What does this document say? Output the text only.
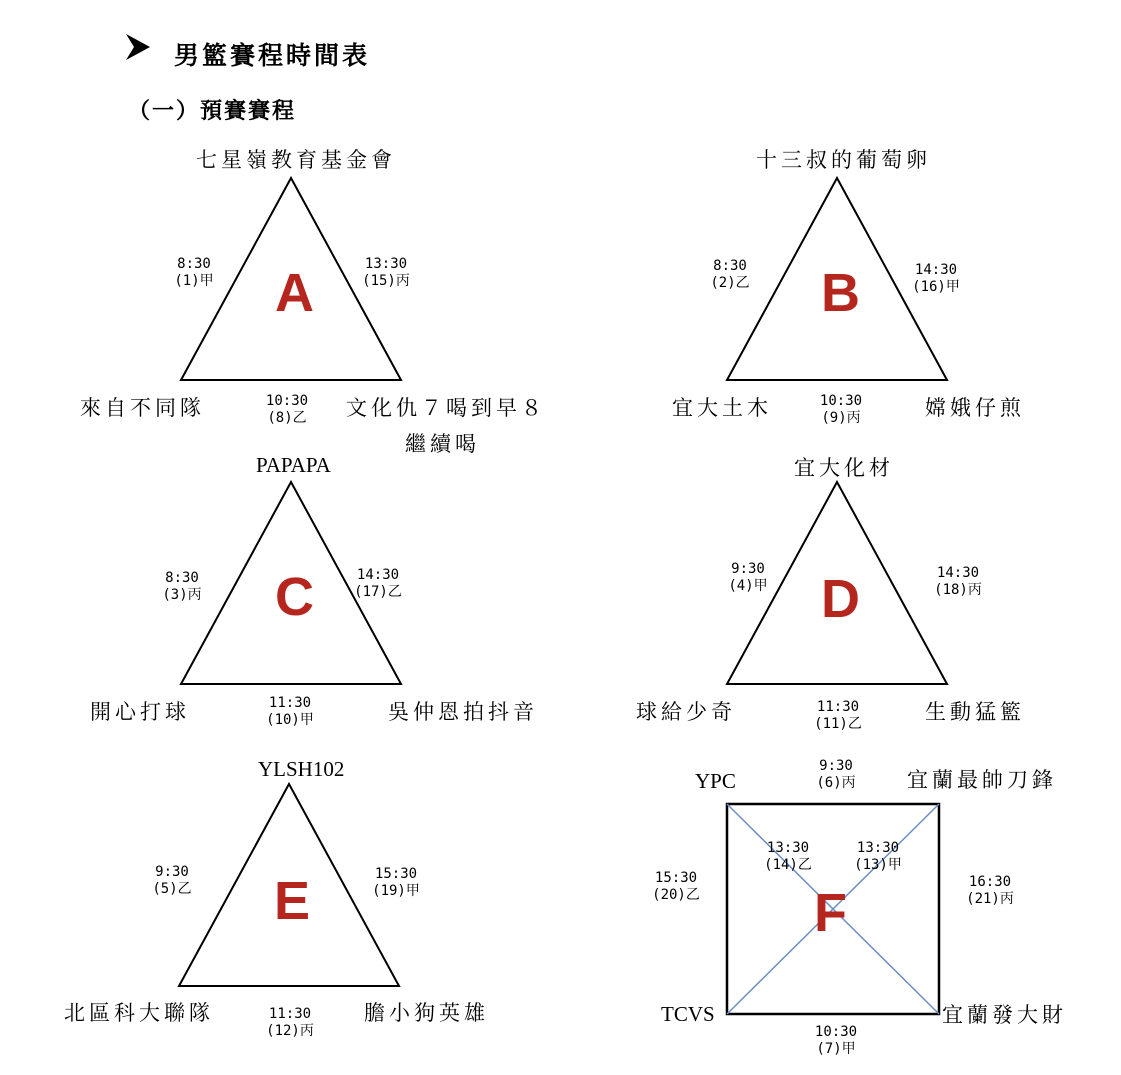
男籃賽程時間表
（一）預賽賽程
七星嶺教育基金會
來自不同隊	文化仇７喝到早８
繼續喝
A
8:30
(1)甲
13:30
(15)丙
10:30
(8)乙
十三叔的葡萄卵
宜大土木	嫦娥仔煎
B
8:30
(2)乙
14:30
(16)甲
10:30
(9)丙
PAPAPA
開心打球	吳仲恩拍抖音
C
8:30
(3)丙
14:30
(17)乙
11:30
(10)甲
宜大化材
球給少奇	生動猛籃
D
9:30
(4)甲
14:30
(18)丙
11:30
(11)乙
YLSH102
北區科大聯隊	膽小狗英雄
E
9:30
(5)乙
15:30
(19)甲
11:30
(12)丙
YPC	宜蘭最帥刀鋒
TCVS	宜蘭發大財
F
9:30
(6)丙
10:30
(7)甲
15:30
(20)乙
16:30
(21)丙
13:30
(14)乙
13:30
(13)甲
